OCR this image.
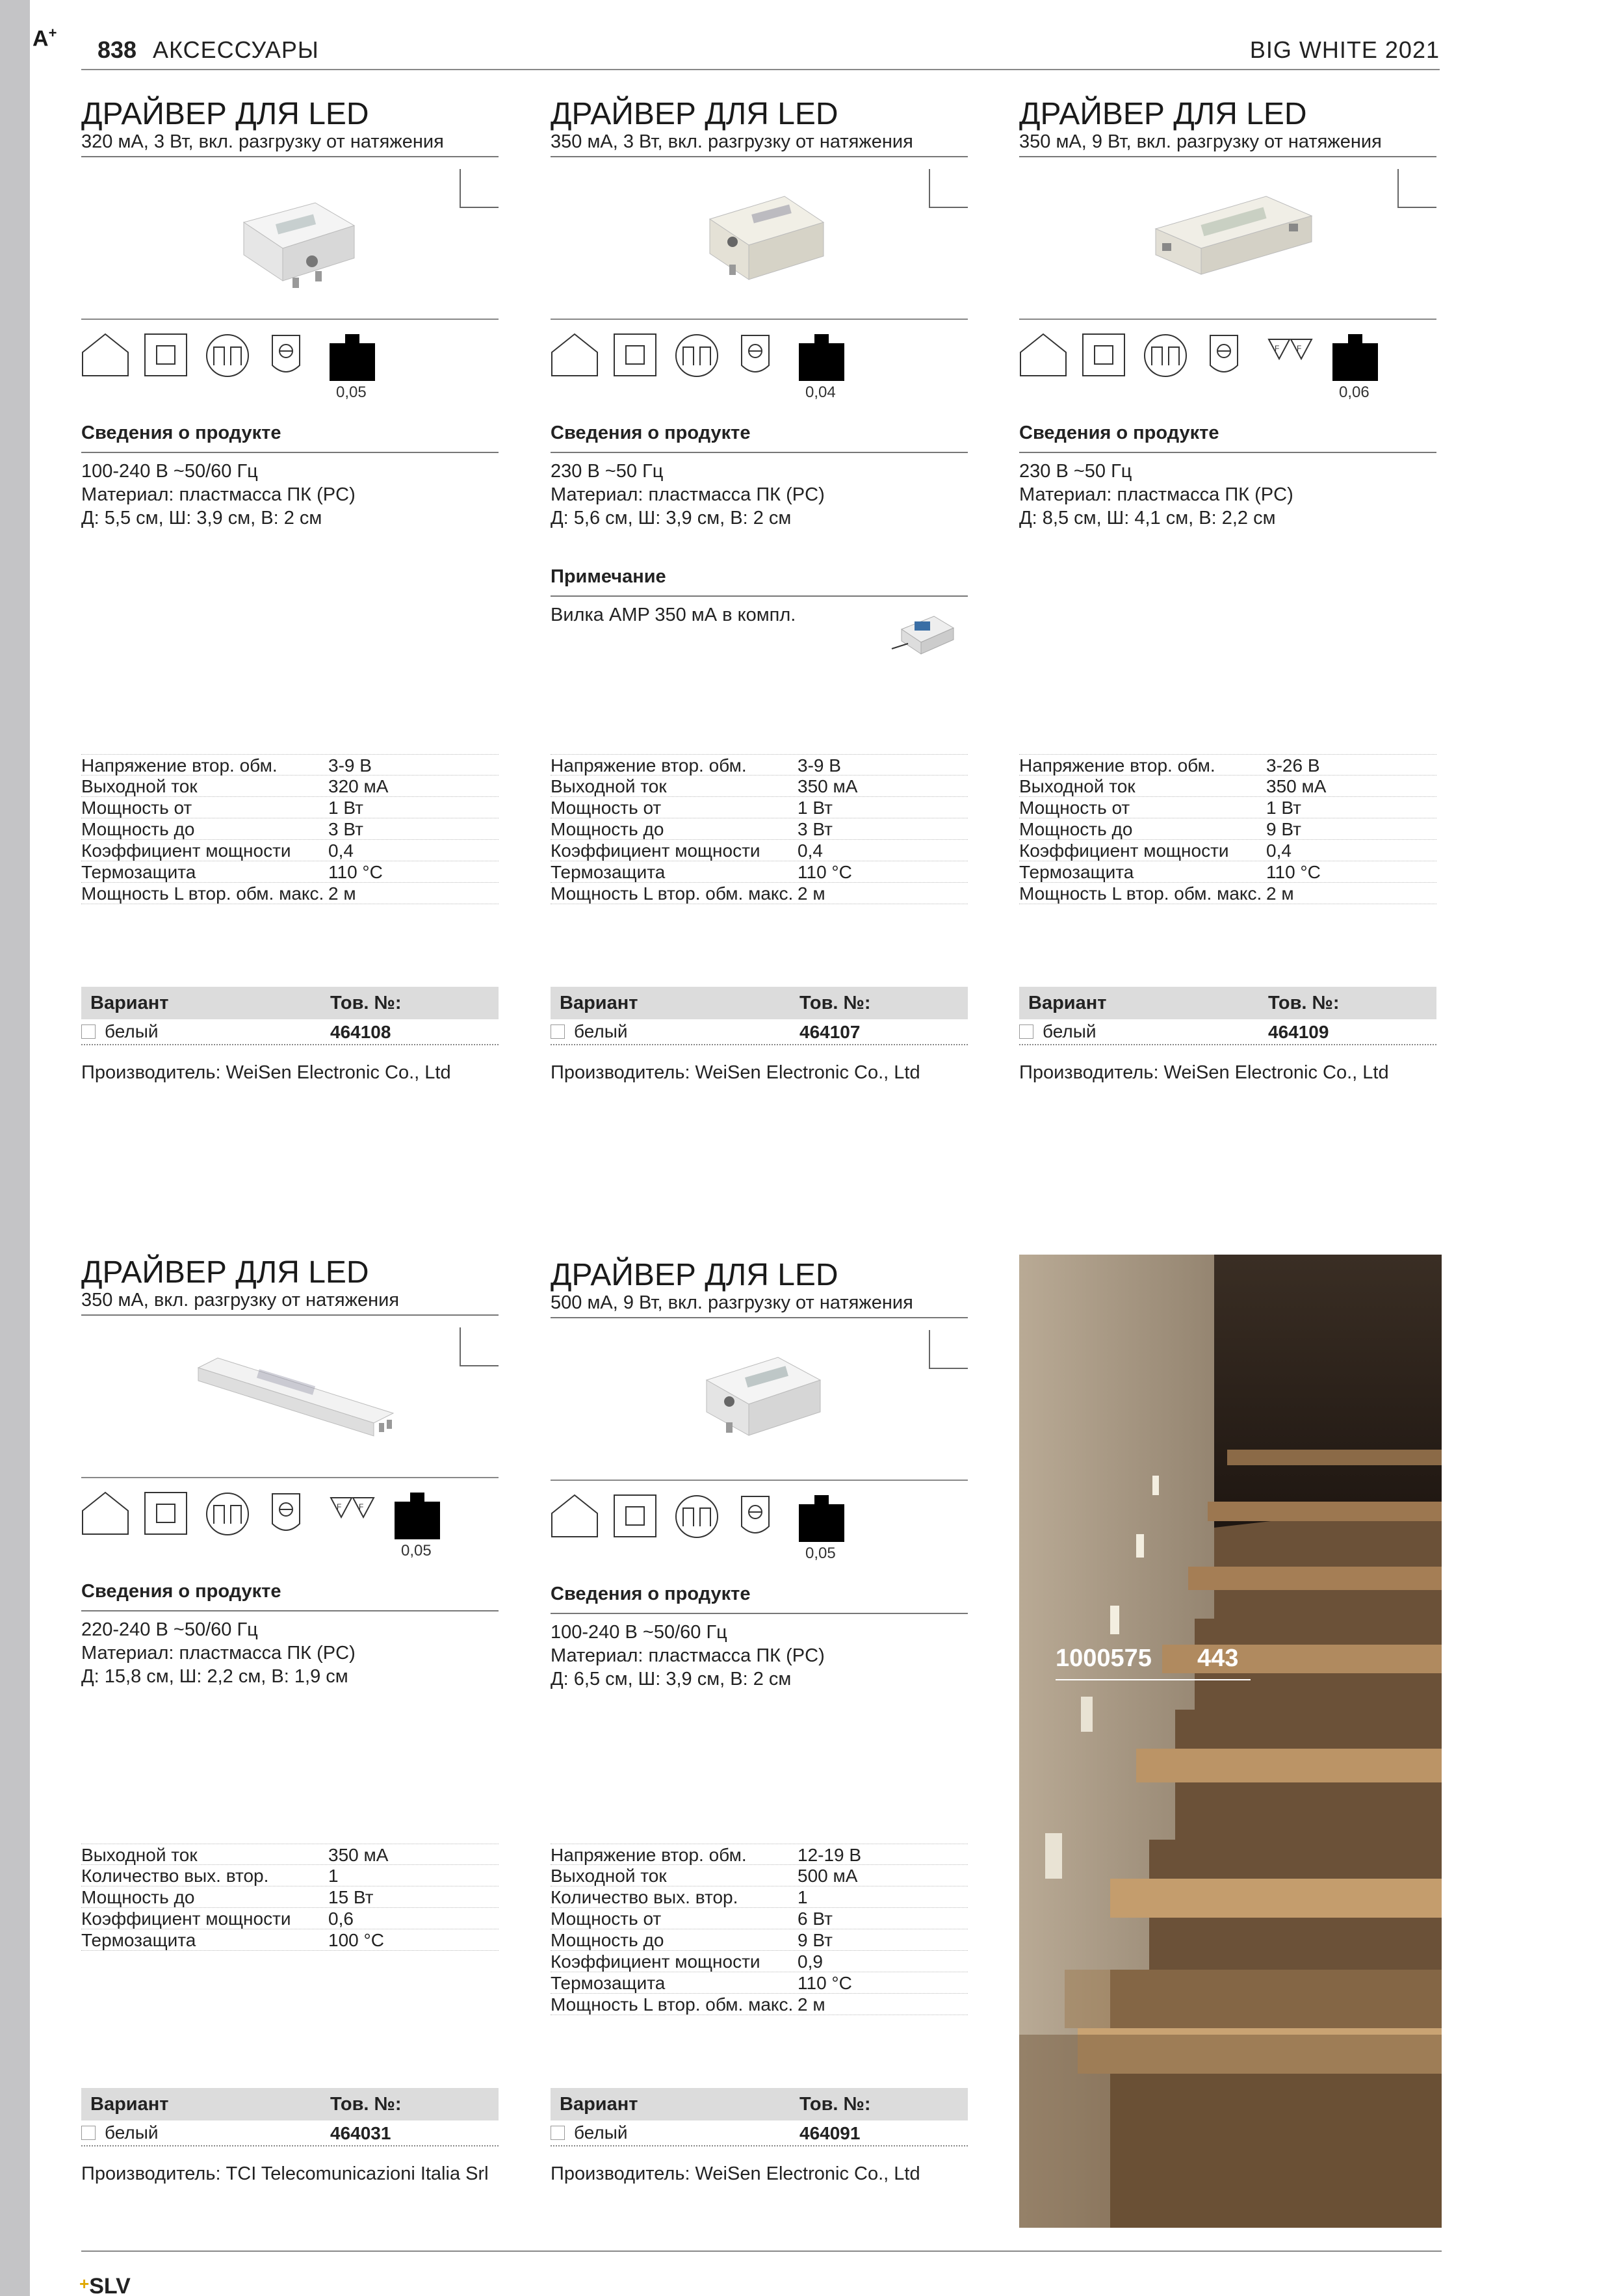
A+
838 АКСЕССУАРЫ	BIG WHITE 2021
ДРАЙВЕР ДЛЯ LED
320 мА, 3 Вт, вкл. разгрузку от натяжения
0,05
Сведения о продукте
100-240 В ~50/60 Гц
Материал: пластмасса ПК (PC)
Д: 5,5 см, Ш: 3,9 см, В: 2 см
Напряжение втор. обм.	3-9 В
Выходной ток	320 мА
Мощность от	1 Вт
Мощность до	3 Вт
Коэффициент мощности	0,4
Термозащита	110 °C
Мощность L втор. обм. макс. 2 м
Вариант	Тов. №:
белый	464108
Производитель: WeiSen Electronic Co., Ltd
ДРАЙВЕР ДЛЯ LED
350 мА, 3 Вт, вкл. разгрузку от натяжения
0,04
Сведения о продукте
230 В ~50 Гц
Материал: пластмасса ПК (PC)
Д: 5,6 см, Ш: 3,9 см, В: 2 см
Примечание
Вилка AMP 350 мА в компл.
Напряжение втор. обм.	3-9 В
Выходной ток	350 мА
Мощность от	1 Вт
Мощность до	3 Вт
Коэффициент мощности	0,4
Термозащита	110 °C
Мощность L втор. обм. макс. 2 м
Вариант	Тов. №:
белый	464107
Производитель: WeiSen Electronic Co., Ltd
ДРАЙВЕР ДЛЯ LED
350 мА, 9 Вт, вкл. разгрузку от натяжения
F F
0,06
Сведения о продукте
230 В ~50 Гц
Материал: пластмасса ПК (PC)
Д: 8,5 см, Ш: 4,1 см, В: 2,2 см
Напряжение втор. обм.	3-26 В
Выходной ток	350 мА
Мощность от	1 Вт
Мощность до	9 Вт
Коэффициент мощности	0,4
Термозащита	110 °C
Мощность L втор. обм. макс. 2 м
Вариант	Тов. №:
белый	464109
Производитель: WeiSen Electronic Co., Ltd
ДРАЙВЕР ДЛЯ LED
350 мА, вкл. разгрузку от натяжения
F F
0,05
Сведения о продукте
220-240 В ~50/60 Гц
Материал: пластмасса ПК (PC)
Д: 15,8 см, Ш: 2,2 см, В: 1,9 см
Выходной ток	350 мА
Количество вых. втор.	1
Мощность до	15 Вт
Коэффициент мощности	0,6
Термозащита	100 °C
Вариант	Тов. №:
белый	464031
Производитель: TCI Telecomunicazioni Italia Srl
ДРАЙВЕР ДЛЯ LED
500 мА, 9 Вт, вкл. разгрузку от натяжения
0,05
Сведения о продукте
100-240 В ~50/60 Гц
Материал: пластмасса ПК (PC)
Д: 6,5 см, Ш: 3,9 см, В: 2 см
Напряжение втор. обм.	12-19 В
Выходной ток	500 мА
Количество вых. втор.	1
Мощность от	6 Вт
Мощность до	9 Вт
Коэффициент мощности	0,9
Термозащита	110 °C
Мощность L втор. обм. макс. 2 м
Вариант	Тов. №:
белый	464091
Производитель: WeiSen Electronic Co., Ltd
1000575 443
+SLV
